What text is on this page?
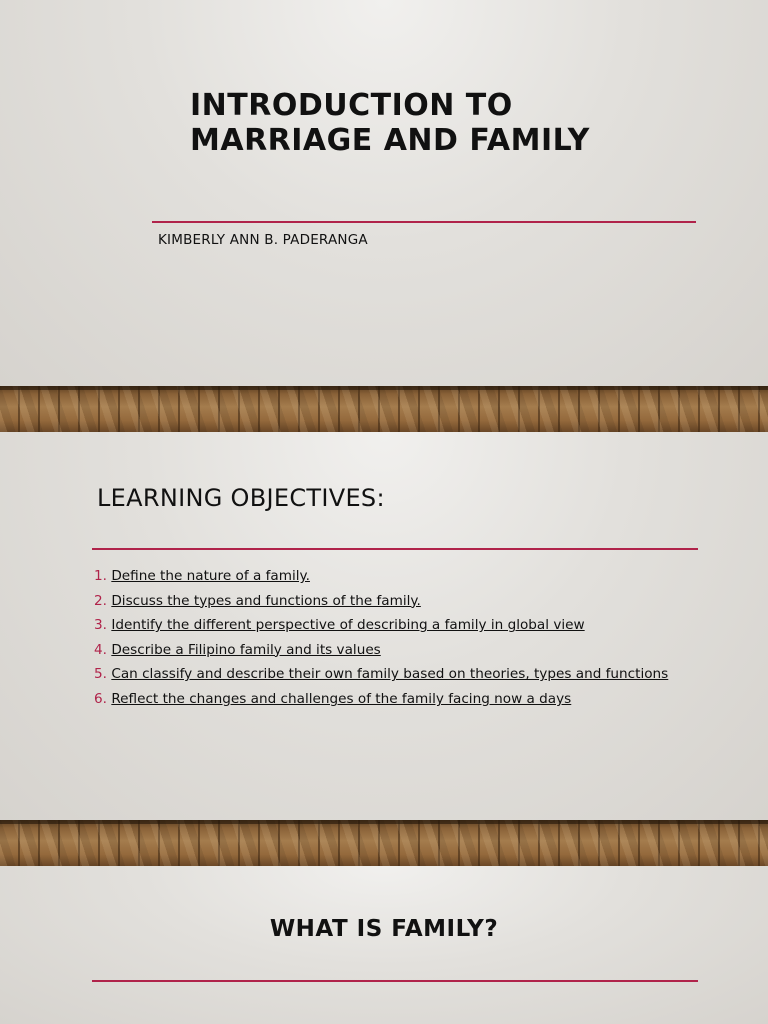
INTRODUCTION TO MARRIAGE AND FAMILY

KIMBERLY ANN B. PADERANGA

LEARNING OBJECTIVES:
1. Define the nature of a family.
2. Discuss the types and functions of the family.
3. Identify the different perspective of describing a family in global view
4. Describe a Filipino family and its values
5. Can classify and describe their own family based on theories, types and functions
6. Reflect the changes and challenges of the family facing now a days
WHAT IS FAMILY?
